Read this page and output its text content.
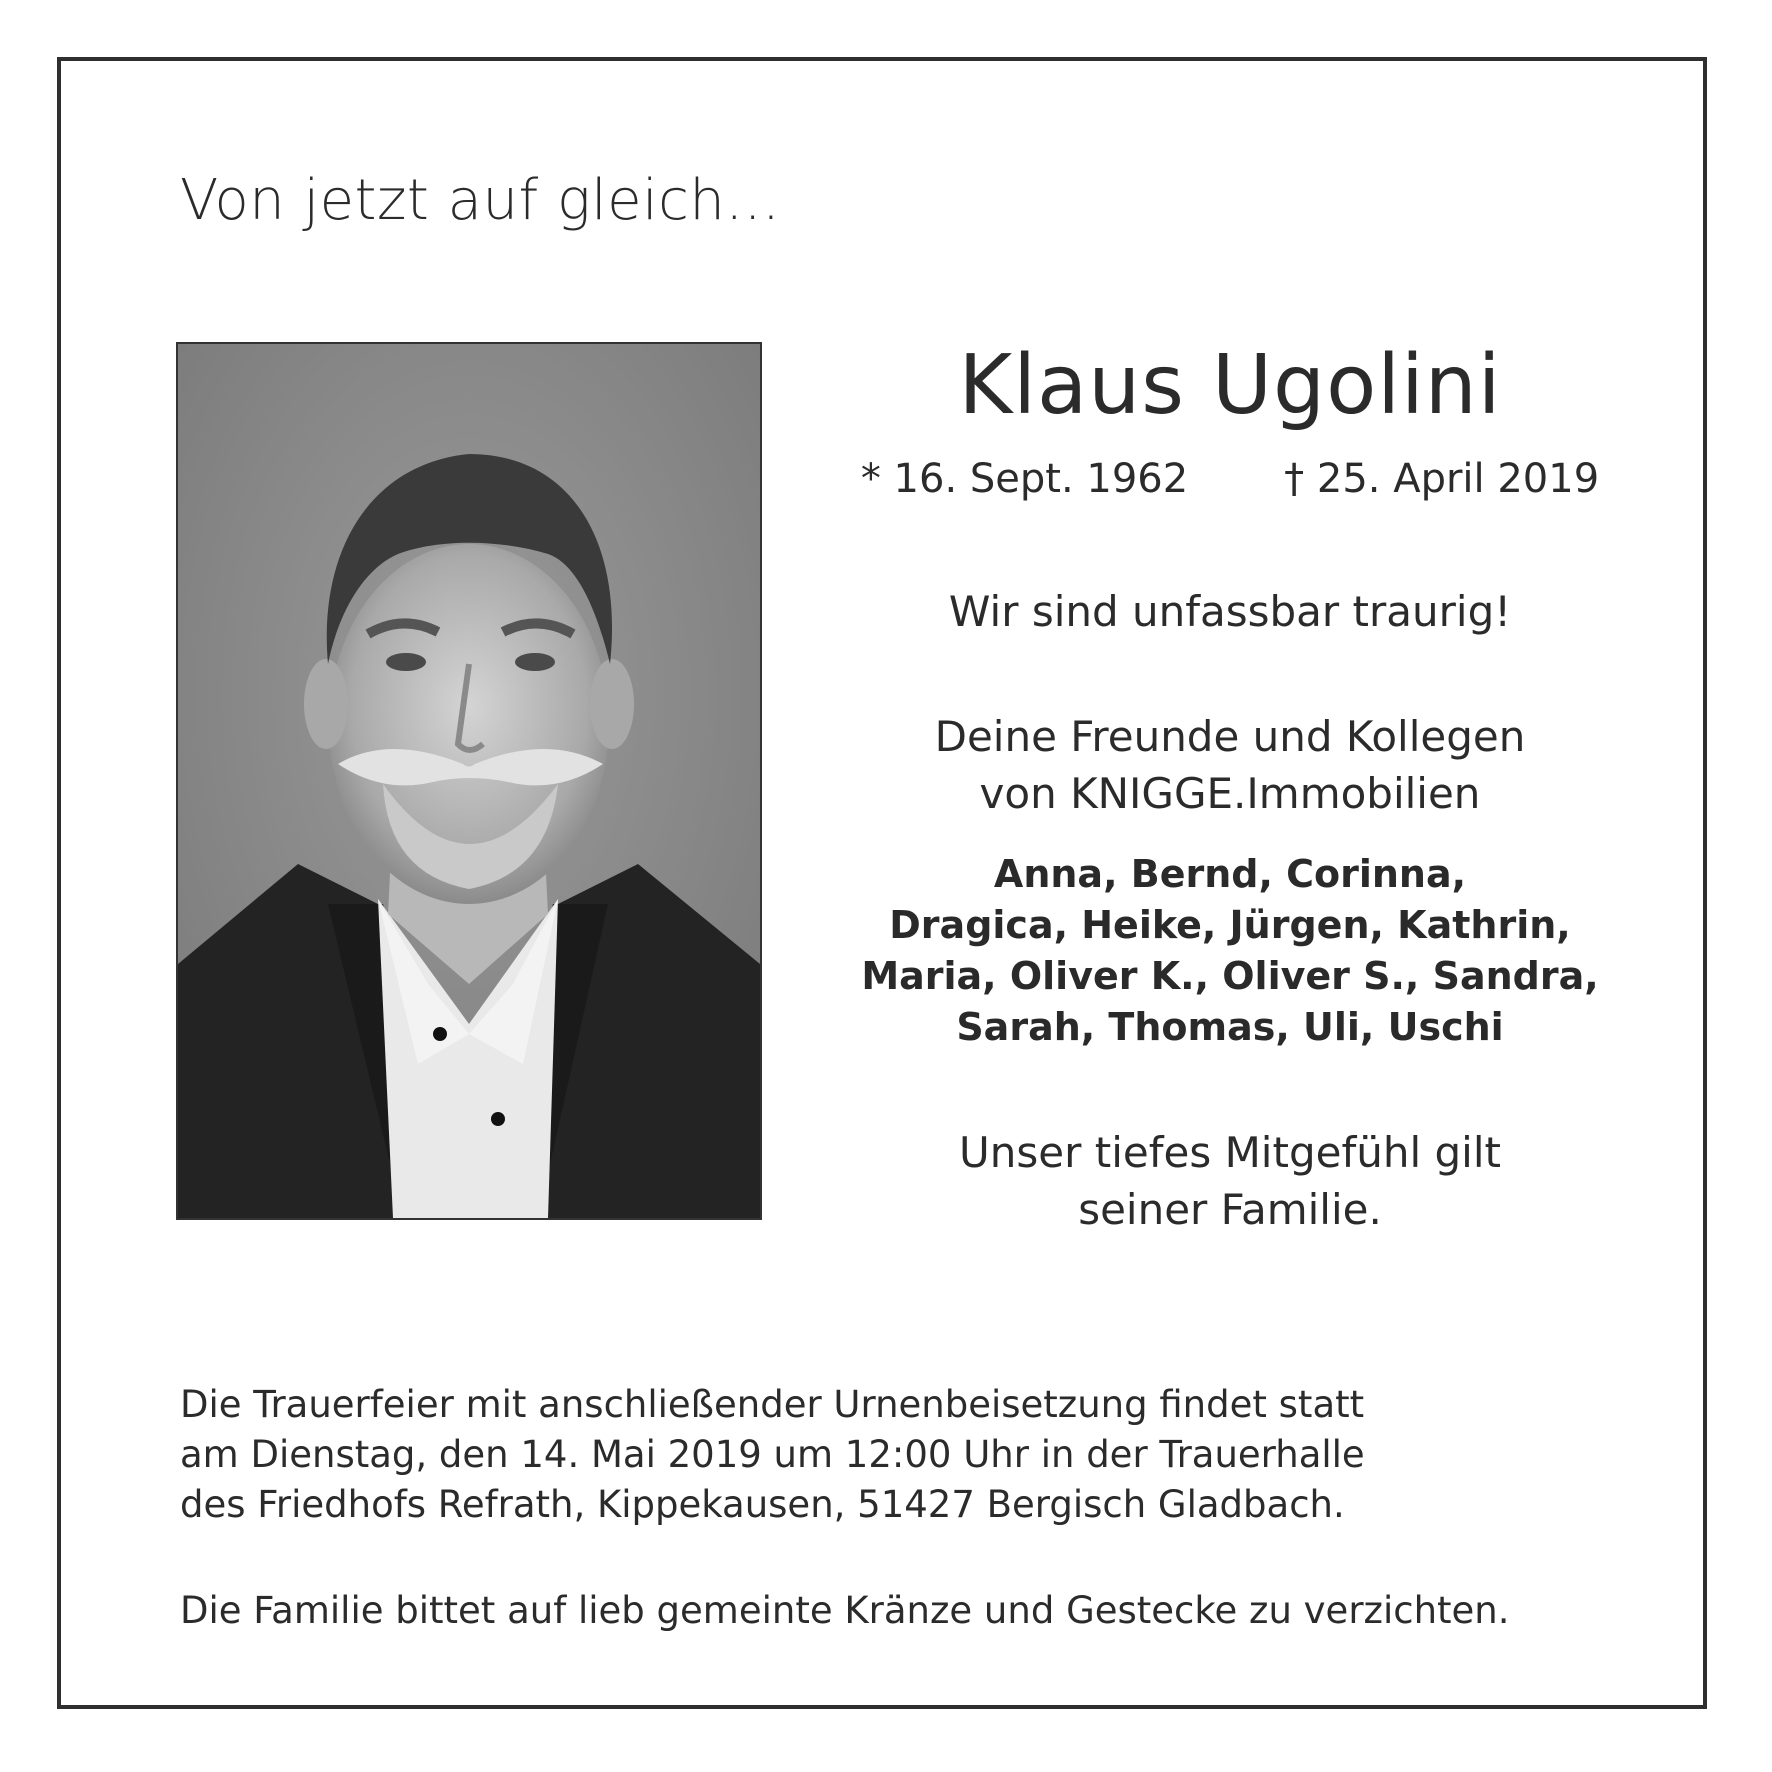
Von jetzt auf gleich...
Klaus Ugolini
* 16. Sept. 1962 † 25. April 2019
Wir sind unfassbar traurig!
Deine Freunde und Kollegen
von KNIGGE.Immobilien
Anna, Bernd, Corinna,
Dragica, Heike, Jürgen, Kathrin,
Maria, Oliver K., Oliver S., Sandra,
Sarah, Thomas, Uli, Uschi
Unser tiefes Mitgefühl gilt
seiner Familie.
Die Trauerfeier mit anschließender Urnenbeisetzung findet statt
am Dienstag, den 14. Mai 2019 um 12:00 Uhr in der Trauerhalle
des Friedhofs Refrath, Kippekausen, 51427 Bergisch Gladbach.
Die Familie bittet auf lieb gemeinte Kränze und Gestecke zu verzichten.
